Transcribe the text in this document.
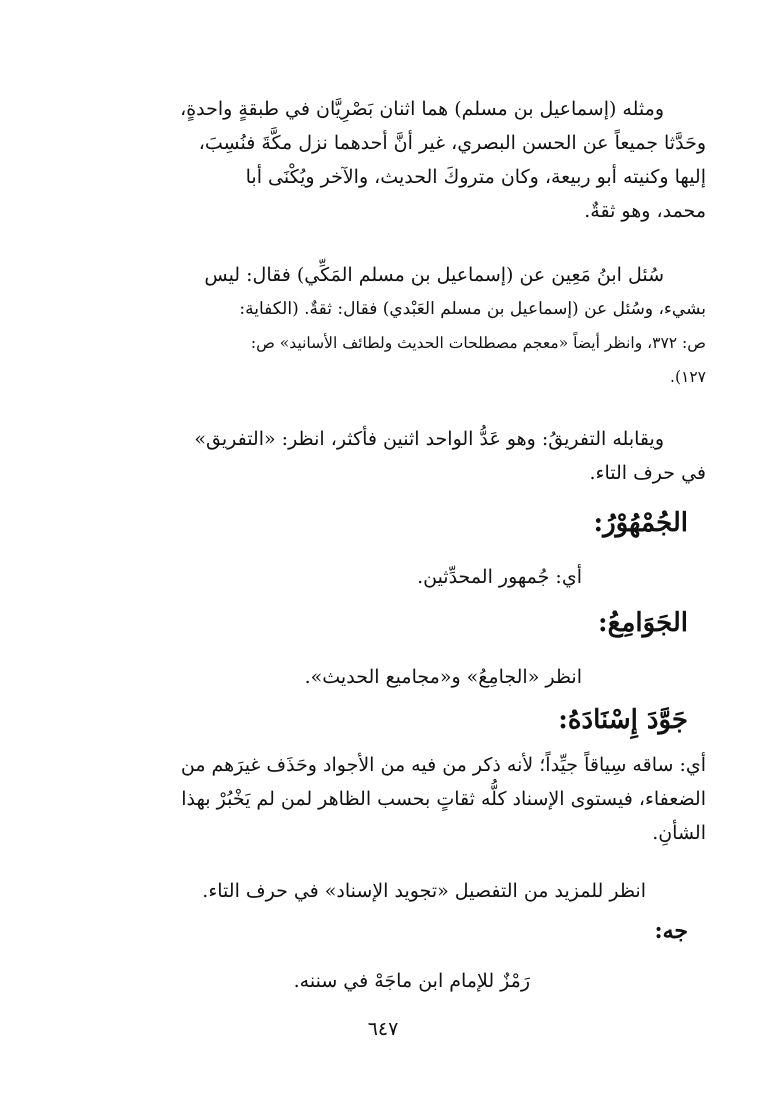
ومثله (إسماعيل بن مسلم) هما اثنان بَصْرِيَّان في طبقةٍ واحدةٍ،
وحَدَّثا جميعاً عن الحسن البصري، غير أنَّ أحدهما نزل مكَّةَ فنُسِبَ،
إليها وكنيته أبو ربيعة، وكان متروكَ الحديث، والآخر ويُكْنَى أبا
محمد، وهو ثقةٌ.
سُئل ابنُ مَعِين عن (إسماعيل بن مسلم المَكِّي) فقال: ليس
بشيء، وسُئل عن (إسماعيل بن مسلم العَبْدي) فقال: ثقةٌ. (الكفاية:
ص: ٣٧٢، وانظر أيضاً «معجم مصطلحات الحديث ولطائف الأسانيد» ص:
١٢٧).
ويقابله التفريقُ: وهو عَدُّ الواحد اثنين فأكثر، انظر: «التفريق»
في حرف التاء.
الجُمْهُوْرُ:
أي: جُمهور المحدِّثين.
الجَوَامِعُ:
انظر «الجامِعُ» و«مجاميع الحديث».
جَوَّدَ إِسْنَادَهُ:
أي: ساقه سِياقاً جيِّداً؛ لأنه ذكر من فيه من الأجواد وحَذَف غيرَهم من
الضعفاء، فيستوى الإسناد كلُّه ثقاتٍ بحسب الظاهر لمن لم يَخْبُرْ بهذا
الشأنِ.
انظر للمزيد من التفصيل «تجويد الإسناد» في حرف التاء.
جه:
رَمْزٌ للإمام ابن ماجَهْ في سننه.
٦٤٧
